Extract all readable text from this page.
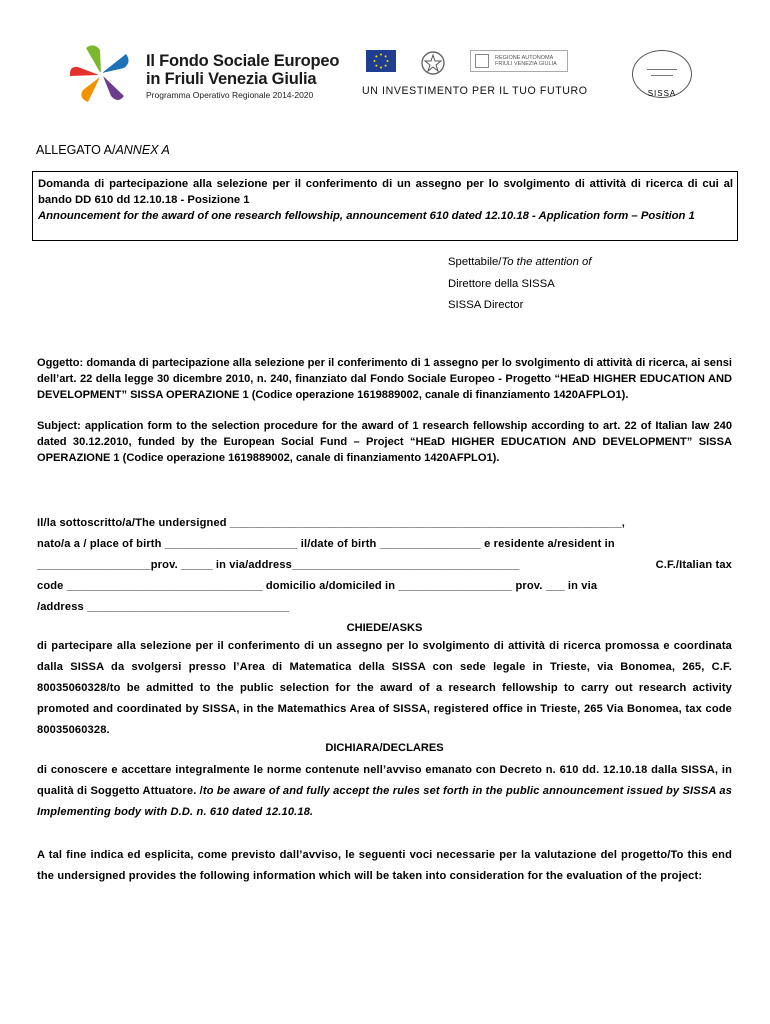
Il Fondo Sociale Europeo
in Friuli Venezia Giulia
Programma Operativo Regionale 2014-2020
REGIONE AUTONOMA
FRIULI VENEZIA GIULIA
UN INVESTIMENTO PER IL TUO FUTURO	SISSA
ALLEGATO A/ANNEX A
Domanda di partecipazione alla selezione per il conferimento di un assegno per lo svolgimento di attività di ricerca di cui al bando DD 610 dd 12.10.18 - Posizione 1
Announcement for the award of one research fellowship, announcement 610 dated 12.10.18 - Application form – Position 1
Spettabile/To the attention of
Direttore della SISSA
SISSA Director
Oggetto: domanda di partecipazione alla selezione per il conferimento di 1 assegno per lo svolgimento di attività di ricerca, ai sensi dell’art. 22 della legge 30 dicembre 2010, n. 240, finanziato dal Fondo Sociale Europeo - Progetto “HEaD HIGHER EDUCATION AND DEVELOPMENT” SISSA OPERAZIONE 1 (Codice operazione 1619889002, canale di finanziamento 1420AFPLO1).
Subject: application form to the selection procedure for the award of 1 research fellowship according to art. 22 of Italian law 240 dated 30.12.2010, funded by the European Social Fund – Project “HEaD HIGHER EDUCATION AND DEVELOPMENT” SISSA OPERAZIONE 1 (Codice operazione 1619889002, canale di finanziamento 1420AFPLO1).
Il/la sottoscritto/a/The undersigned ______________________________________________________________,
nato/a a / place of birth _____________________ il/date of birth ________________ e residente a/resident in
__________________prov. _____ in via/address____________________________________	C.F./Italian tax
code _______________________________ domicilio a/domiciled in __________________ prov. ___ in via
/address ________________________________
CHIEDE/ASKS
di partecipare alla selezione per il conferimento di un assegno per lo svolgimento di attività di ricerca promossa e coordinata dalla SISSA da svolgersi presso l’Area di Matematica della SISSA con sede legale in Trieste, via Bonomea, 265, C.F. 80035060328/to be admitted to the public selection for the award of a research fellowship to carry out research activity promoted and coordinated by SISSA, in the Matemathics Area of SISSA, registered office in Trieste, 265 Via Bonomea, tax code 80035060328.
DICHIARA/DECLARES
di conoscere e accettare integralmente le norme contenute nell’avviso emanato con Decreto n. 610 dd. 12.10.18 dalla SISSA, in qualità di Soggetto Attuatore. /to be aware of and fully accept the rules set forth in the public announcement issued by SISSA as Implementing body with D.D. n. 610 dated 12.10.18.
A tal fine indica ed esplicita, come previsto dall’avviso, le seguenti voci necessarie per la valutazione del progetto/To this end the undersigned provides the following information which will be taken into consideration for the evaluation of the project:
